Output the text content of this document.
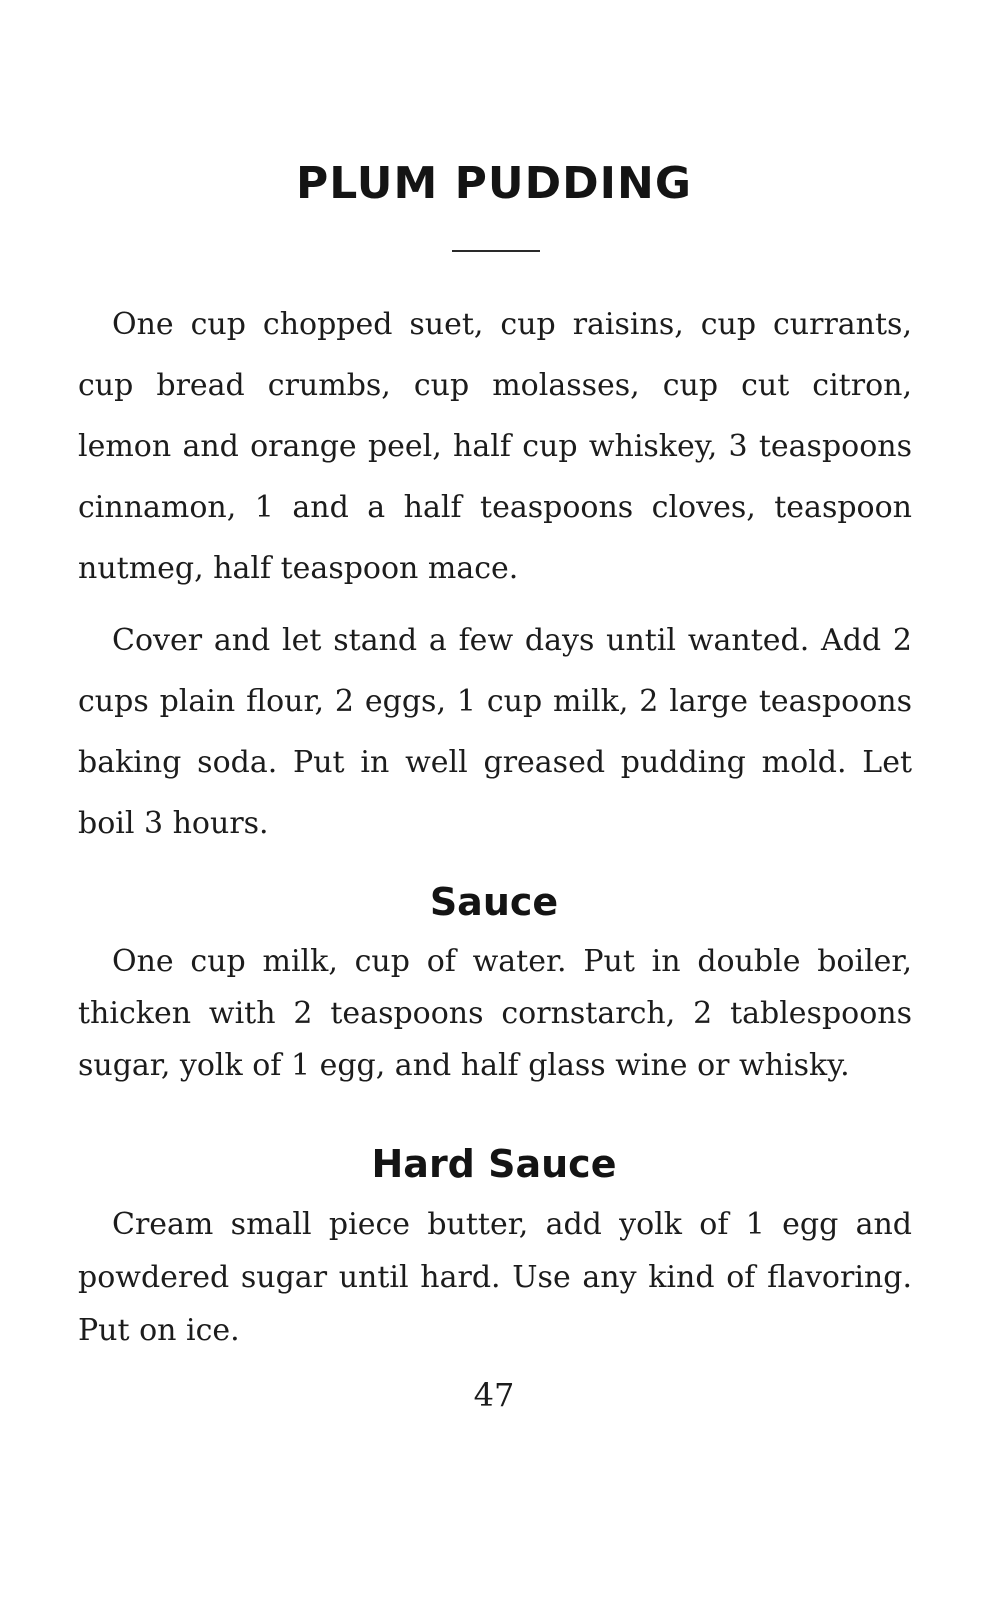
PLUM PUDDING

One cup chopped suet, cup raisins, cup currants, cup bread crumbs, cup molasses, cup cut citron, lemon and orange peel, half cup whiskey, 3 teaspoons cinnamon, 1 and a half teaspoons cloves, teaspoon nutmeg, half teaspoon mace.

Cover and let stand a few days until wanted. Add 2 cups plain flour, 2 eggs, 1 cup milk, 2 large teaspoons baking soda. Put in well greased pudding mold. Let boil 3 hours.

Sauce

One cup milk, cup of water. Put in double boiler, thicken with 2 teaspoons cornstarch, 2 tablespoons sugar, yolk of 1 egg, and half glass wine or whisky.

Hard Sauce

Cream small piece butter, add yolk of 1 egg and powdered sugar until hard. Use any kind of flavoring. Put on ice.

47
